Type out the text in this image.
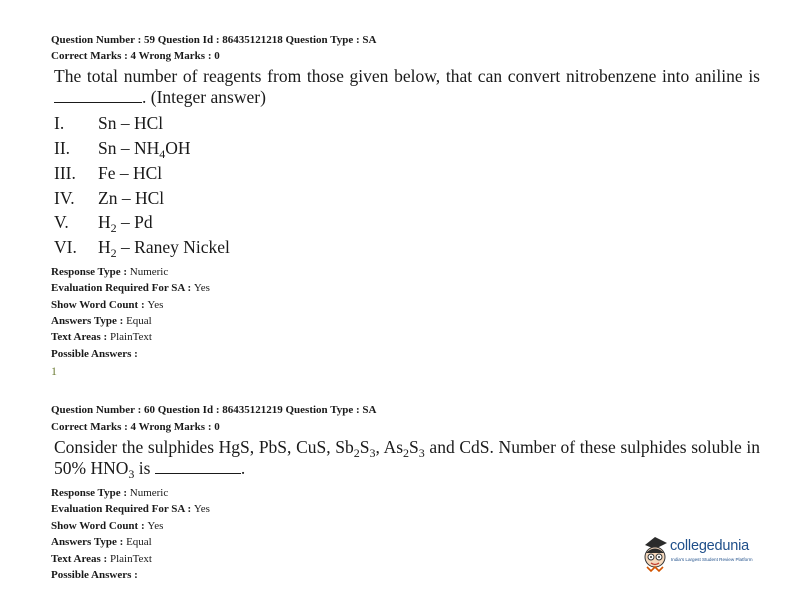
Question Number : 59 Question Id : 86435121218 Question Type : SA
Correct Marks : 4 Wrong Marks : 0
The total number of reagents from those given below, that can convert nitrobenzene into aniline is . (Integer answer)
I. Sn – HCl
II. Sn – $NH_4OH$
III. Fe – HCl
IV. Zn – HCl
V. $H_2$ – Pd
VI. $H_2$ – Raney Nickel
Response Type : Numeric
Evaluation Required For SA : Yes
Show Word Count : Yes
Answers Type : Equal
Text Areas : PlainText
Possible Answers :
1
Question Number : 60 Question Id : 86435121219 Question Type : SA
Correct Marks : 4 Wrong Marks : 0
Consider the sulphides HgS, PbS, CuS, $Sb_2S_3$, $As_2S_3$ and CdS. Number of these sulphides soluble in 50% $HNO_3$ is	.
Response Type : Numeric
Evaluation Required For SA : Yes
Show Word Count : Yes
Answers Type : Equal
Text Areas : PlainText
Possible Answers :
collegedunia
India's Largest Student Review Platform
